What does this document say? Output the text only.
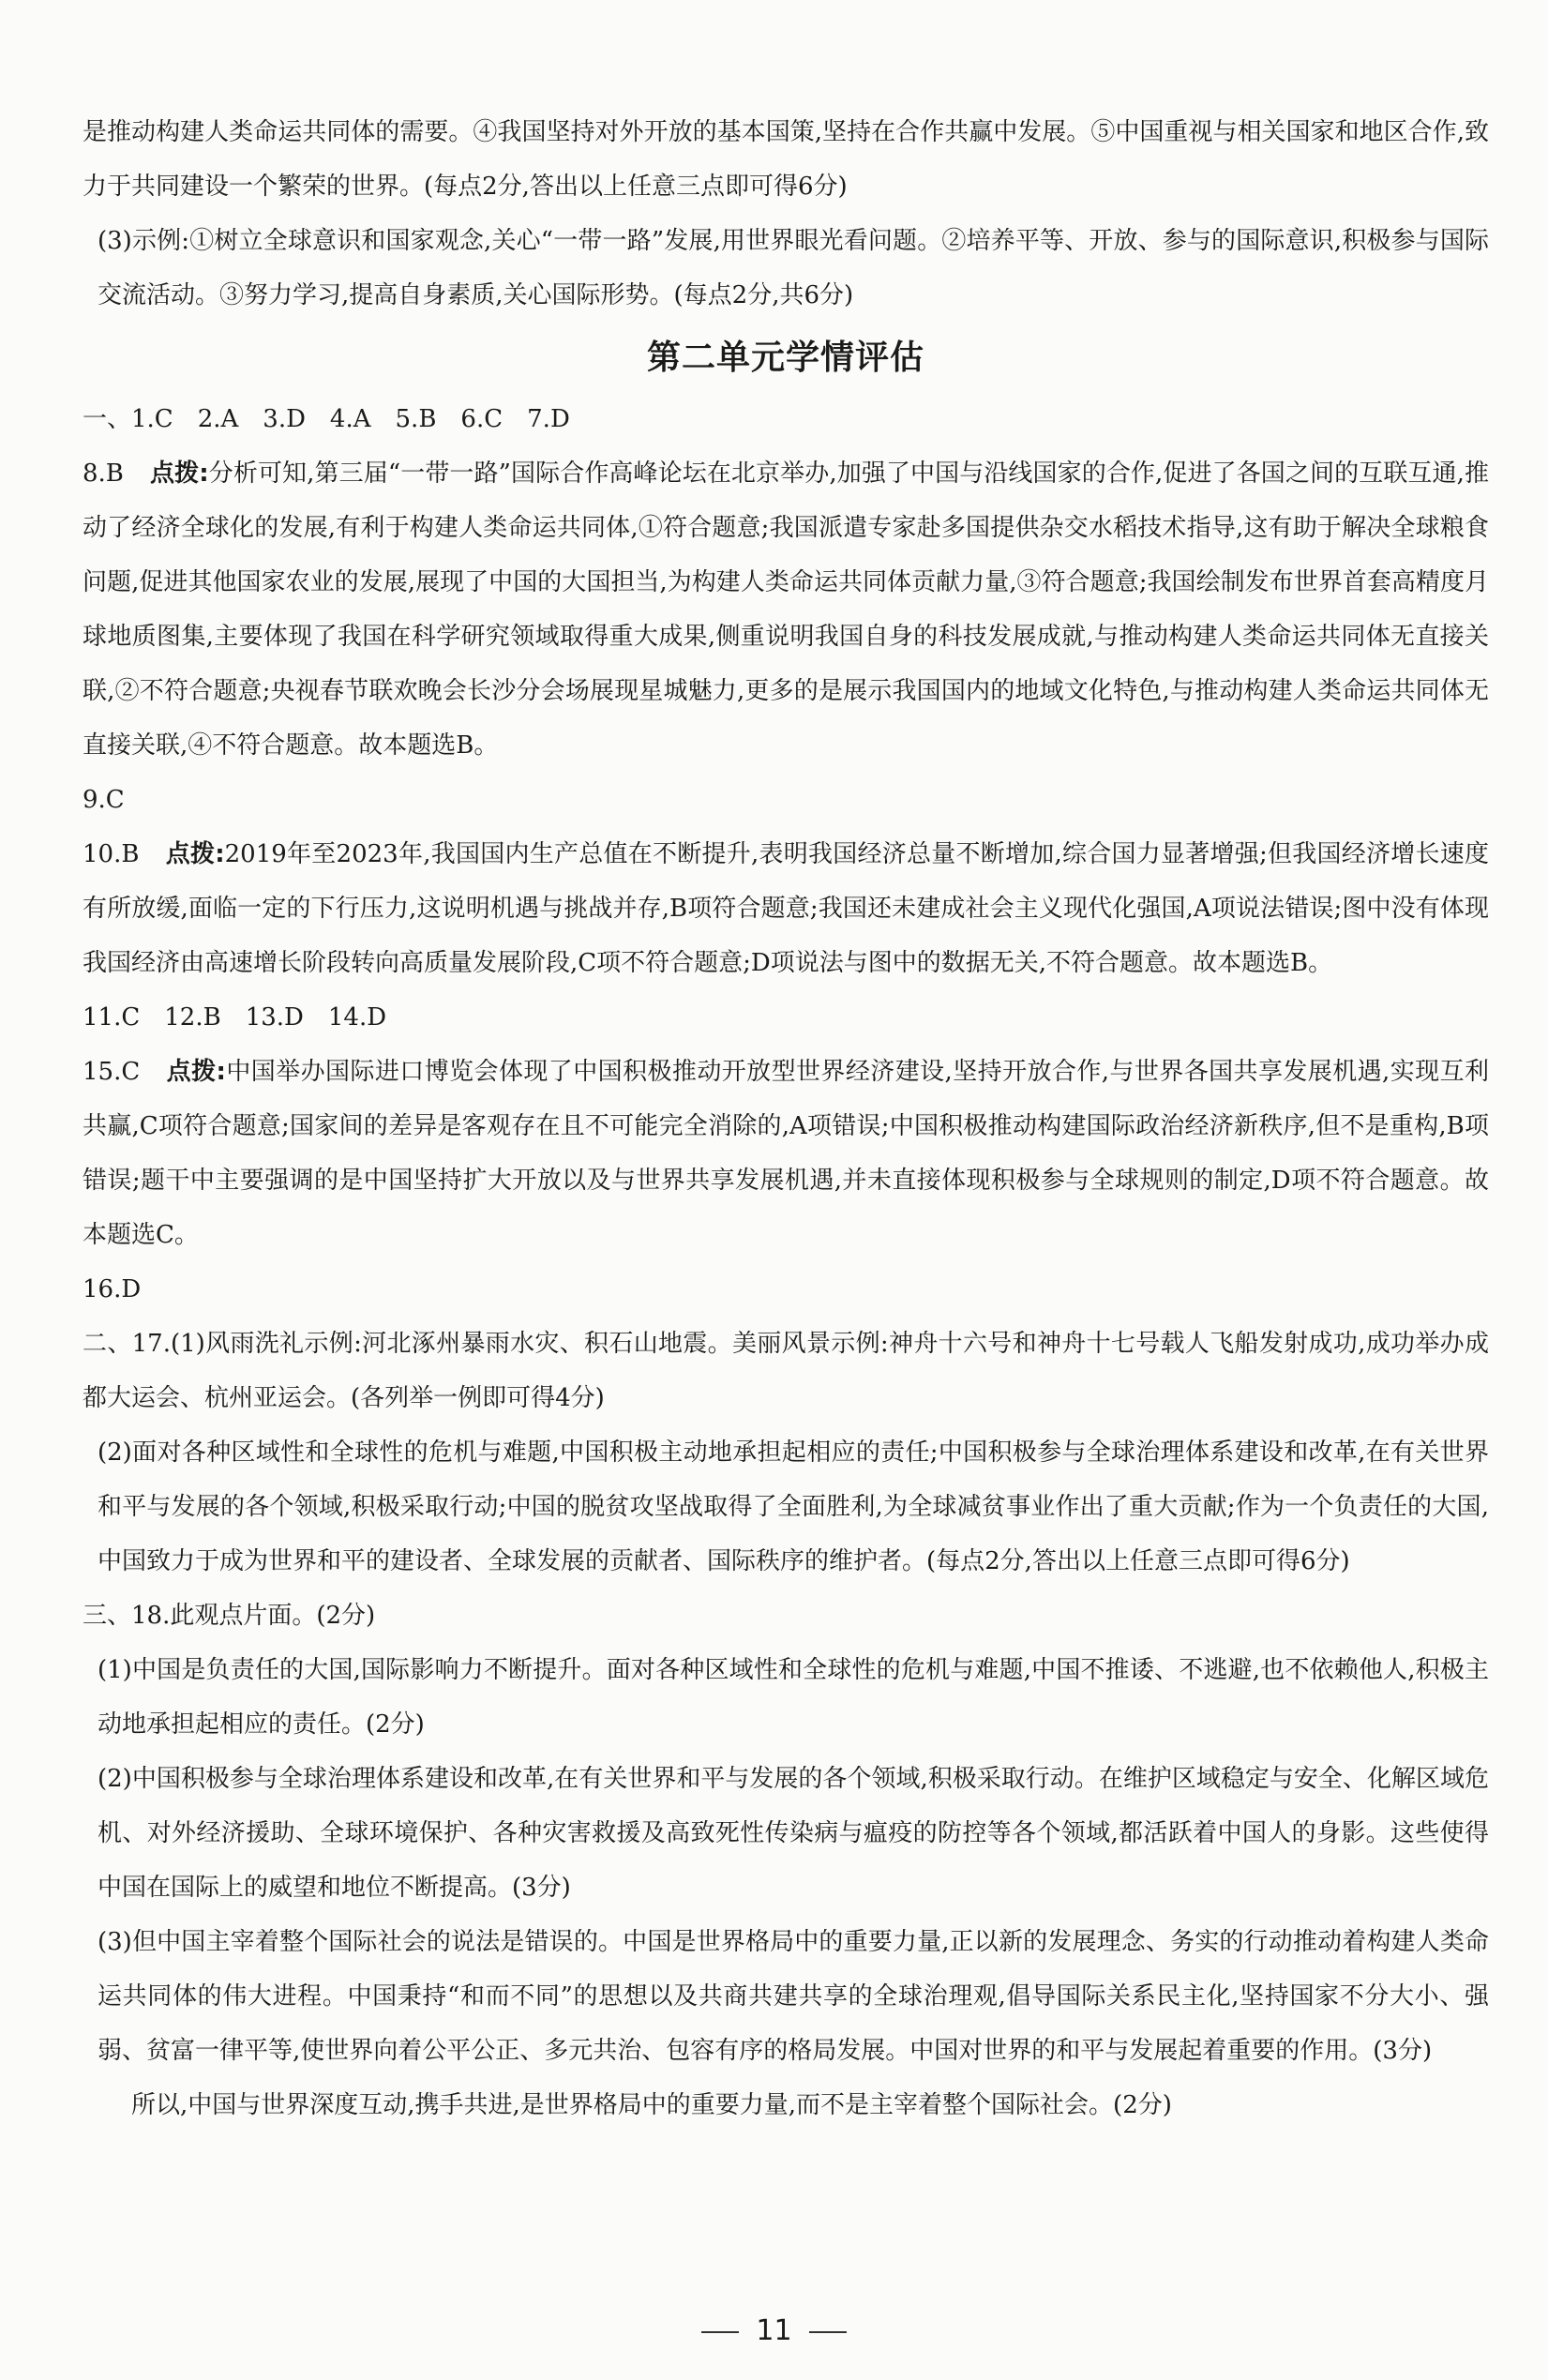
是推动构建人类命运共同体的需要。④我国坚持对外开放的基本国策,坚持在合作共赢中发展。⑤中国重视与相关国家和地区合作,致力于共同建设一个繁荣的世界。(每点2分,答出以上任意三点即可得6分)

(3)示例:①树立全球意识和国家观念,关心“一带一路”发展,用世界眼光看问题。②培养平等、开放、参与的国际意识,积极参与国际交流活动。③努力学习,提高自身素质,关心国际形势。(每点2分,共6分)

第二单元学情评估

一、1.C　2.A　3.D　4.A　5.B　6.C　7.D

8.B 点拨:分析可知,第三届“一带一路”国际合作高峰论坛在北京举办,加强了中国与沿线国家的合作,促进了各国之间的互联互通,推动了经济全球化的发展,有利于构建人类命运共同体,①符合题意;我国派遣专家赴多国提供杂交水稻技术指导,这有助于解决全球粮食问题,促进其他国家农业的发展,展现了中国的大国担当,为构建人类命运共同体贡献力量,③符合题意;我国绘制发布世界首套高精度月球地质图集,主要体现了我国在科学研究领域取得重大成果,侧重说明我国自身的科技发展成就,与推动构建人类命运共同体无直接关联,②不符合题意;央视春节联欢晚会长沙分会场展现星城魅力,更多的是展示我国国内的地域文化特色,与推动构建人类命运共同体无直接关联,④不符合题意。故本题选B。

9.C

10.B 点拨:2019年至2023年,我国国内生产总值在不断提升,表明我国经济总量不断增加,综合国力显著增强;但我国经济增长速度有所放缓,面临一定的下行压力,这说明机遇与挑战并存,B项符合题意;我国还未建成社会主义现代化强国,A项说法错误;图中没有体现我国经济由高速增长阶段转向高质量发展阶段,C项不符合题意;D项说法与图中的数据无关,不符合题意。故本题选B。

11.C　12.B　13.D　14.D

15.C 点拨:中国举办国际进口博览会体现了中国积极推动开放型世界经济建设,坚持开放合作,与世界各国共享发展机遇,实现互利共赢,C项符合题意;国家间的差异是客观存在且不可能完全消除的,A项错误;中国积极推动构建国际政治经济新秩序,但不是重构,B项错误;题干中主要强调的是中国坚持扩大开放以及与世界共享发展机遇,并未直接体现积极参与全球规则的制定,D项不符合题意。故本题选C。

16.D

二、17.(1)风雨洗礼示例:河北涿州暴雨水灾、积石山地震。美丽风景示例:神舟十六号和神舟十七号载人飞船发射成功,成功举办成都大运会、杭州亚运会。(各列举一例即可得4分)

(2)面对各种区域性和全球性的危机与难题,中国积极主动地承担起相应的责任;中国积极参与全球治理体系建设和改革,在有关世界和平与发展的各个领域,积极采取行动;中国的脱贫攻坚战取得了全面胜利,为全球减贫事业作出了重大贡献;作为一个负责任的大国,中国致力于成为世界和平的建设者、全球发展的贡献者、国际秩序的维护者。(每点2分,答出以上任意三点即可得6分)

三、18.此观点片面。(2分)

(1)中国是负责任的大国,国际影响力不断提升。面对各种区域性和全球性的危机与难题,中国不推诿、不逃避,也不依赖他人,积极主动地承担起相应的责任。(2分)

(2)中国积极参与全球治理体系建设和改革,在有关世界和平与发展的各个领域,积极采取行动。在维护区域稳定与安全、化解区域危机、对外经济援助、全球环境保护、各种灾害救援及高致死性传染病与瘟疫的防控等各个领域,都活跃着中国人的身影。这些使得中国在国际上的威望和地位不断提高。(3分)

(3)但中国主宰着整个国际社会的说法是错误的。中国是世界格局中的重要力量,正以新的发展理念、务实的行动推动着构建人类命运共同体的伟大进程。中国秉持“和而不同”的思想以及共商共建共享的全球治理观,倡导国际关系民主化,坚持国家不分大小、强弱、贫富一律平等,使世界向着公平公正、多元共治、包容有序的格局发展。中国对世界的和平与发展起着重要的作用。(3分)

所以,中国与世界深度互动,携手共进,是世界格局中的重要力量,而不是主宰着整个国际社会。(2分)

11
